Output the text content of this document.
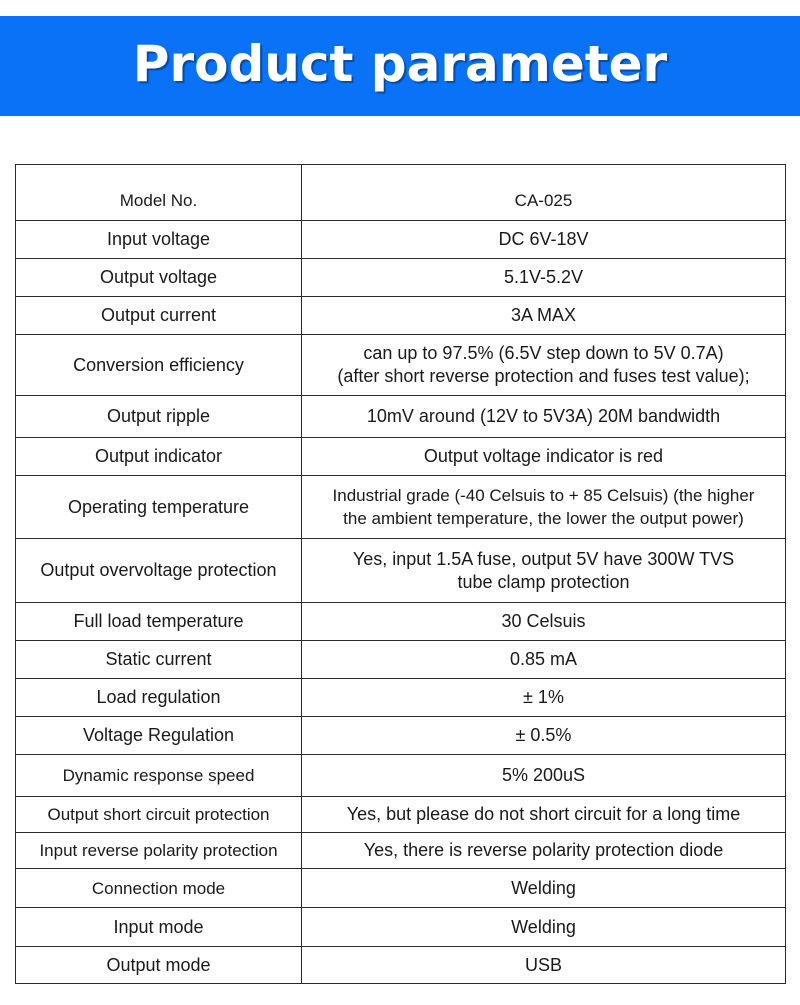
Product parameter
Model No.	CA-025
Input voltage	DC 6V-18V
Output voltage	5.1V-5.2V
Output current	3A MAX
Conversion efficiency	can up to 97.5% (6.5V step down to 5V 0.7A)
(after short reverse protection and fuses test value);

Output ripple	10mV around (12V to 5V3A) 20M bandwidth
Output indicator	Output voltage indicator is red
Operating temperature	Industrial grade (-40 Celsuis to + 85 Celsuis) (the higher
the ambient temperature, the lower the output power)

Output overvoltage protection	Yes, input 1.5A fuse, output 5V have 300W TVS
tube clamp protection

Full load temperature	30 Celsuis
Static current	0.85 mA
Load regulation	± 1%
Voltage Regulation	± 0.5%
Dynamic response speed	5% 200uS
Output short circuit protection	Yes, but please do not short circuit for a long time
Input reverse polarity protection	Yes, there is reverse polarity protection diode
Connection mode	Welding
Input mode	Welding
Output mode	USB
